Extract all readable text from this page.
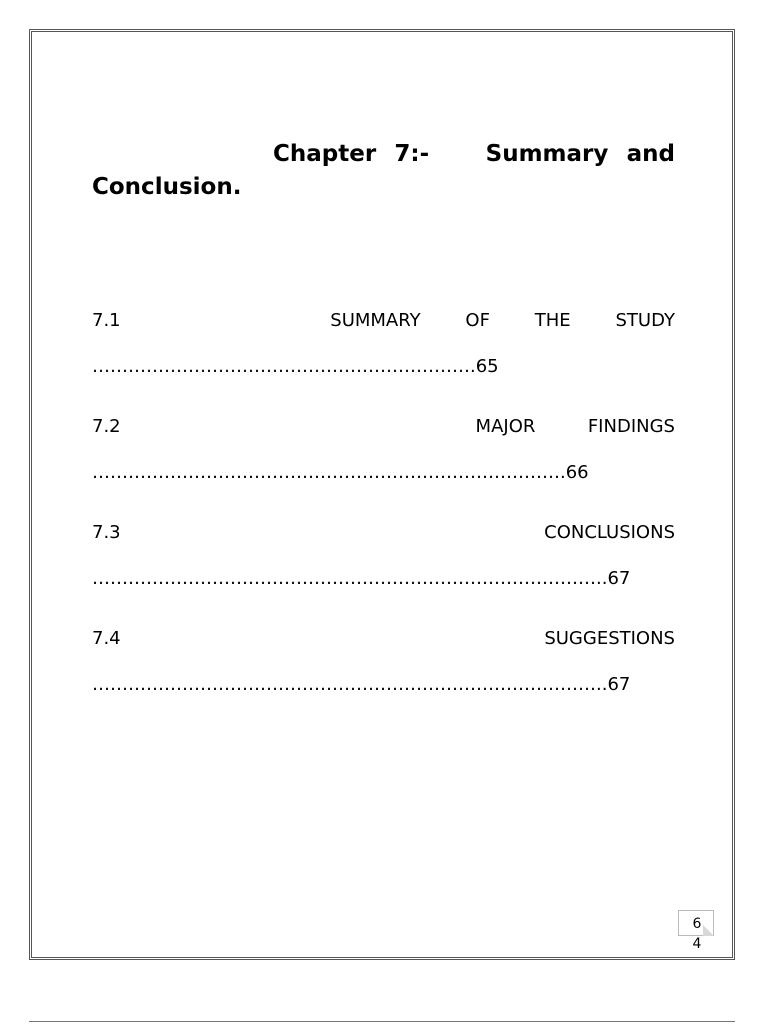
Chapter 7:- Summary and
Conclusion.
7.1	SUMMARY OF THE STUDY
……………………………………………………….65
7.2	MAJOR	FINDINGS
…………………………………………………………………….66
7.3	CONCLUSIONS
…………………………………………………………………………..67
7.4	SUGGESTIONS
…………………………………………………………………………..67
64
